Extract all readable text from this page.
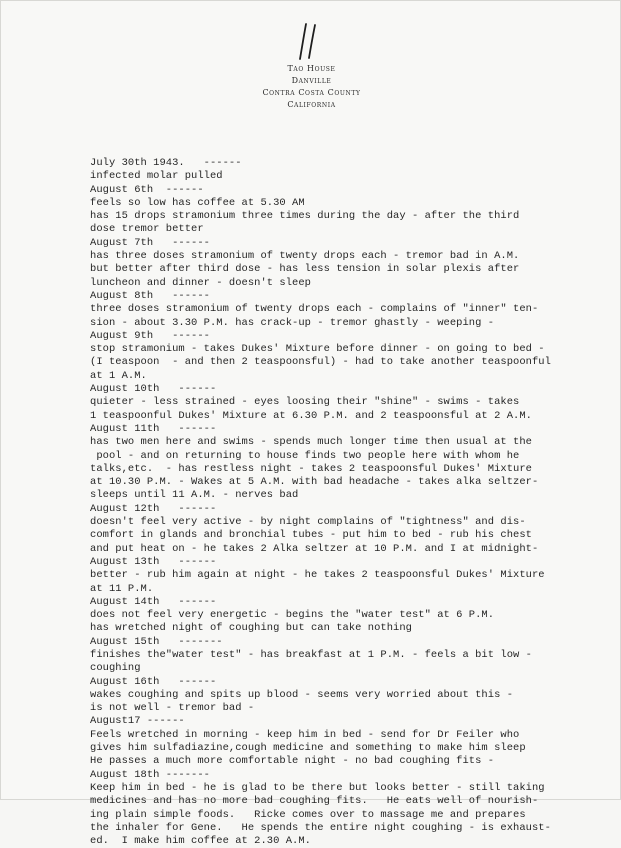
Tao House
Danville
Contra Costa County
California
July 30th 1943.   ------
infected molar pulled
August 6th  ------
feels so low has coffee at 5.30 AM
has 15 drops stramonium three times during the day - after the third
dose tremor better
August 7th   ------
has three doses stramonium of twenty drops each - tremor bad in A.M.
but better after third dose - has less tension in solar plexis after
luncheon and dinner - doesn't sleep
August 8th   ------
three doses stramonium of twenty drops each - complains of "inner" ten-
sion - about 3.30 P.M. has crack-up - tremor ghastly - weeping -
August 9th   ------
stop stramonium - takes Dukes' Mixture before dinner - on going to bed -
(I teaspoon  - and then 2 teaspoonsful) - had to take another teaspoonful
at 1 A.M.
August 10th   ------
quieter - less strained - eyes loosing their "shine" - swims - takes
1 teaspoonful Dukes' Mixture at 6.30 P.M. and 2 teaspoonsful at 2 A.M.
August 11th   ------
has two men here and swims - spends much longer time then usual at the
pool - and on returning to house finds two people here with whom he
talks,etc.  - has restless night - takes 2 teaspoonsful Dukes' Mixture
at 10.30 P.M. - Wakes at 5 A.M. with bad headache - takes alka seltzer-
sleeps until 11 A.M. - nerves bad
August 12th   ------
doesn't feel very active - by night complains of "tightness" and dis-
comfort in glands and bronchial tubes - put him to bed - rub his chest
and put heat on - he takes 2 Alka seltzer at 10 P.M. and I at midnight-
August 13th   ------
better - rub him again at night - he takes 2 teaspoonsful Dukes' Mixture
at 11 P.M.
August 14th   ------
does not feel very energetic - begins the "water test" at 6 P.M.
has wretched night of coughing but can take nothing
August 15th   -------
finishes the"water test" - has breakfast at 1 P.M. - feels a bit low -
coughing
August 16th   ------
wakes coughing and spits up blood - seems very worried about this -
is not well - tremor bad -
August17 ------
Feels wretched in morning - keep him in bed - send for Dr Feiler who
gives him sulfadiazine,cough medicine and something to make him sleep
He passes a much more comfortable night - no bad coughing fits -
August 18th -------
Keep him in bed - he is glad to be there but looks better - still taking
medicines and has no more bad coughing fits.   He eats well of nourish-
ing plain simple foods.   Ricke comes over to massage me and prepares
the inhaler for Gene.   He spends the entire night coughing - is exhaust-
ed.  I make him coffee at 2.30 A.M.
